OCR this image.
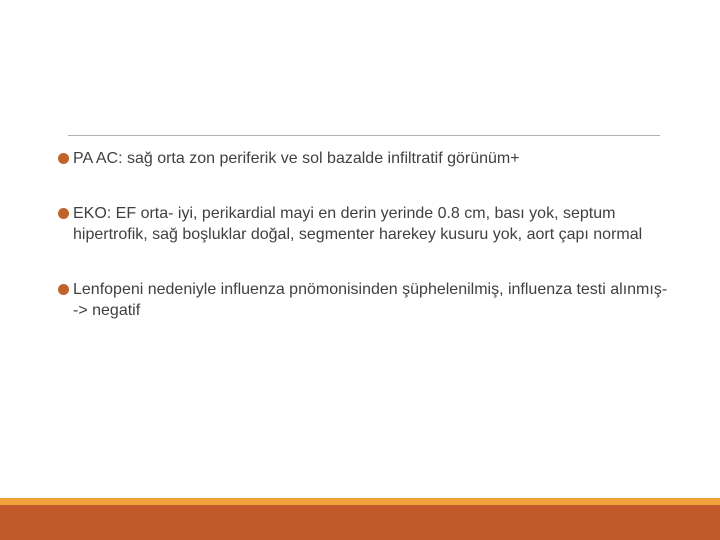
PA AC: sağ orta zon periferik ve sol bazalde infiltratif görünüm+
EKO: EF orta- iyi, perikardial mayi en derin yerinde 0.8 cm, bası yok, septum hipertrofik, sağ boşluklar doğal, segmenter harekey kusuru yok, aort çapı normal
Lenfopeni nedeniyle influenza pnömonisinden şüphelenilmiş, influenza testi alınmış--> negatif
